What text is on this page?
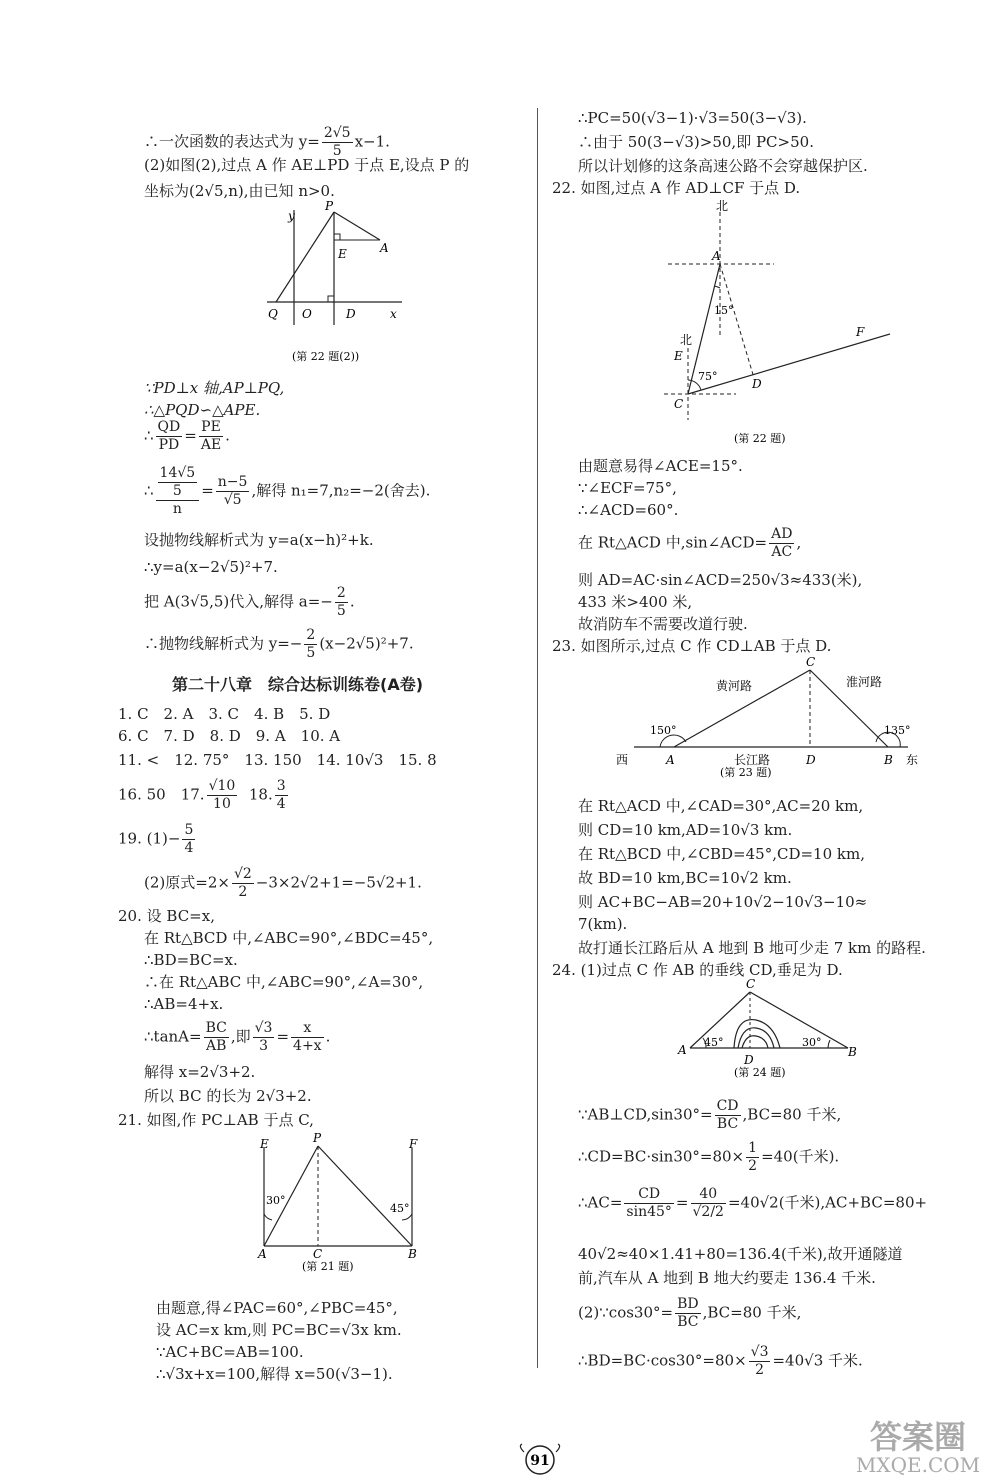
∴一次函数的表达式为 $y= \frac{2√5}{5} x-1$.
(2)如图(2),过点 A 作 AE⊥PD 于点 E,设点 P 的
坐标为(2√5,n),由已知 n>0.
y
P
A
E
Q O	D	x
(第 22 题(2))
∵PD⊥x 轴,AP⊥PQ,
∴△PQD∽△APE.
∴ $\frac{QD}{PD} = \frac{PE}{AE}$ .
∴ 14√5
5
$n = \frac{n-5}{√5}$ ,解得 n₁=7,n₂=−2(舍去).
设抛物线解析式为 y=a(x−h)²+k.
∴y=a(x−2√5)²+7.
把 A(3√5,5)代入,解得 $a=- \frac{2}{5}$ .
∴抛物线解析式为 $y=- \frac{2}{5} (x-2√5)^2+7$.
第二十八章　综合达标训练卷(A卷)
1. C　2. A　3. C　4. B　5. D
6. C　7. D　8. D　9. A　10. A
11. <　12. 75°　13. 150　14. 10√3　15. 8
16. 50　17. $\frac{√10}{10} 18$. $\frac{3}{4}$
19. $(1)- \frac{5}{4}$
(2)原式$=2\times \frac{√2}{2} -3\times 2√2+1=-5√2+1$.
20. 设 BC=x,
在 Rt△BCD 中,∠ABC=90°,∠BDC=45°,
∴BD=BC=x.
∴在 Rt△ABC 中,∠ABC=90°,∠A=30°,
∴AB=4+x.
∴tanA= $\frac{BC}{AB}$ ,即 $\frac{√3}{3} = \frac{x}{4+x}$ .
解得 x=2√3+2.
所以 BC 的长为 2√3+2.
21. 如图,作 PC⊥AB 于点 C,
E	P	F
30°
45°
A	C	B
(第 21 题)
由题意,得∠PAC=60°,∠PBC=45°,
设 AC=x km,则 PC=BC=√3x km.
∵AC+BC=AB=100.
∴√3x+x=100,解得 x=50(√3−1).
∴PC=50(√3−1)·√3=50(3−√3).
∴由于 50(3−√3)>50,即 PC>50.
所以计划修的这条高速公路不会穿越保护区.
22. 如图,过点 A 作 AD⊥CF 于点 D.
北
A
15°
北
E
F
75°
D
C
(第 22 题)
由题意易得∠ACE=15°.
∵∠ECF=75°,
∴∠ACD=60°.
在 Rt△ACD 中,sin∠ACD= $\frac{AD}{AC}$ ,
则 AD=AC·sin∠ACD=250√3≈433(米),
433 米>400 米,
故消防车不需要改道行驶.
23. 如图所示,过点 C 作 CD⊥AB 于点 D.
C
黄河路	淮河路
150°	135°
西	A	长江路	D	B 东
(第 23 题)
在 Rt△ACD 中,∠CAD=30°,AC=20 km,
则 CD=10 km,AD=10√3 km.
在 Rt△BCD 中,∠CBD=45°,CD=10 km,
故 BD=10 km,BC=10√2 km.
则 AC+BC−AB=20+10√2−10√3−10≈
7(km).
故打通长江路后从 A 地到 B 地可少走 7 km 的路程.
24. (1)过点 C 作 AB 的垂线 CD,垂足为 D.
C
A
45°
D
30°
B
(第 24 题)
∵AB⊥CD,sin30°= $\frac{CD}{BC} ,BC=80$ 千米,
∴CD=BC·sin30°=80× $\frac{1}{2} =40$(千米).
∴AC= $\frac{CD}{\sin 45^\circ} = \frac{40}{√2/2} =40√2$(千米),AC+BC=80+
40√2≈40×1.41+80=136.4(千米),故开通隧道
前,汽车从 A 地到 B 地大约要走 136.4 千米.
(2)∵cos30°= $\frac{BD}{BC} ,BC=80$ 千米,
∴BD=BC·cos30°=80× $\frac{√3}{2} =40√3$ 千米.
91
答案圈
MXQE.COM
